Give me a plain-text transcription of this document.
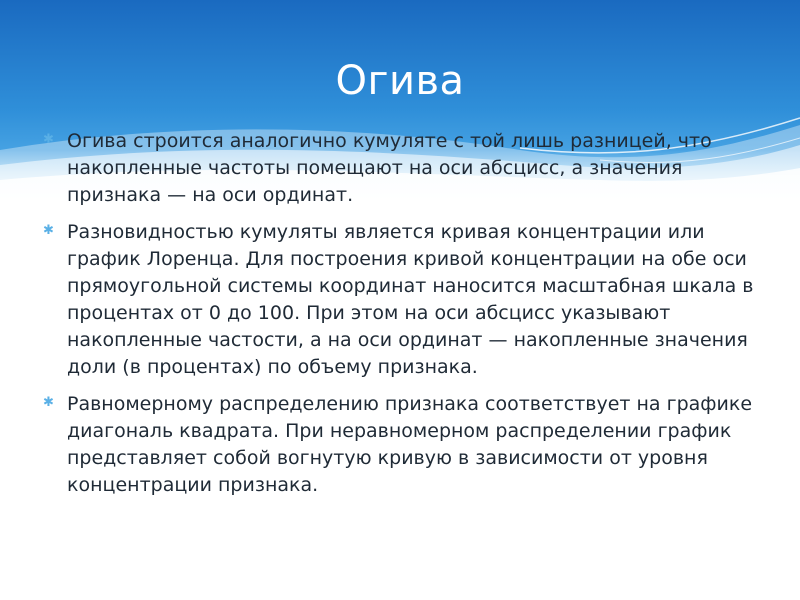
Огива
✱ Огива строится аналогично кумуляте с той лишь разницей, что накопленные частоты помещают на оси абсцисс, а значения признака — на оси ординат.
✱ Разновидностью кумуляты является кривая концентрации или график Лоренца. Для построения кривой концентрации на обе оси прямоугольной системы координат наносится масштабная шкала в процентах от 0 до 100. При этом на оси абсцисс указывают накопленные частости, а на оси ординат — накопленные значения доли (в процентах) по объему признака.
✱ Равномерному распределению признака соответствует на графике диагональ квадрата. При неравномерном распределении график представляет собой вогнутую кривую в зависимости от уровня концентрации признака.
